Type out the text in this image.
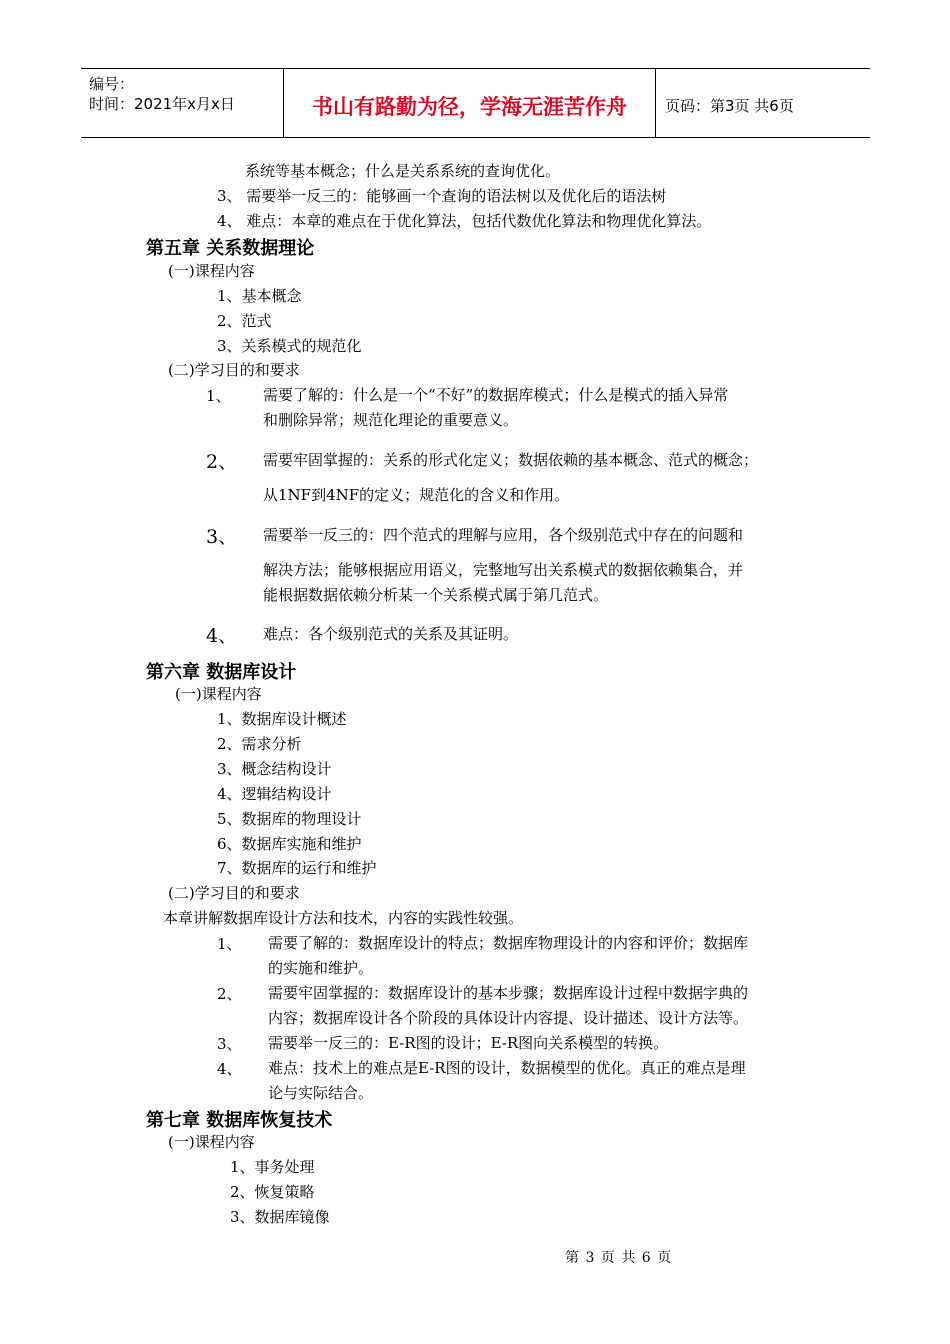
编号：
时间：2021年x月x日	书山有路勤为径，学海无涯苦作舟	页码：第3页 共6页
系统等基本概念；什么是关系系统的查询优化。
3、 需要举一反三的：能够画一个查询的语法树以及优化后的语法树
4、 难点：本章的难点在于优化算法，包括代数优化算法和物理优化算法。
第五章 关系数据理论
(一)课程内容
1、基本概念
2、范式
3、关系模式的规范化
(二)学习目的和要求
1、 需要了解的：什么是一个“不好”的数据库模式；什么是模式的插入异常
和删除异常；规范化理论的重要意义。
2、 需要牢固掌握的：关系的形式化定义；数据依赖的基本概念、范式的概念；
从1NF到4NF的定义；规范化的含义和作用。
3、 需要举一反三的：四个范式的理解与应用，各个级别范式中存在的问题和
解决方法；能够根据应用语义，完整地写出关系模式的数据依赖集合，并
能根据数据依赖分析某一个关系模式属于第几范式。
4、 难点：各个级别范式的关系及其证明。
第六章 数据库设计
(一)课程内容
1、数据库设计概述
2、需求分析
3、概念结构设计
4、逻辑结构设计
5、数据库的物理设计
6、数据库实施和维护
7、数据库的运行和维护
(二)学习目的和要求
本章讲解数据库设计方法和技术，内容的实践性较强。
1、 需要了解的：数据库设计的特点；数据库物理设计的内容和评价；数据库
的实施和维护。
2、 需要牢固掌握的：数据库设计的基本步骤；数据库设计过程中数据字典的
内容；数据库设计各个阶段的具体设计内容提、设计描述、设计方法等。
3、 需要举一反三的：E-R图的设计；E-R图向关系模型的转换。
4、 难点：技术上的难点是E-R图的设计，数据模型的优化。真正的难点是理
论与实际结合。
第七章 数据库恢复技术
(一)课程内容
1、事务处理
2、恢复策略
3、数据库镜像
第 3 页 共 6 页
